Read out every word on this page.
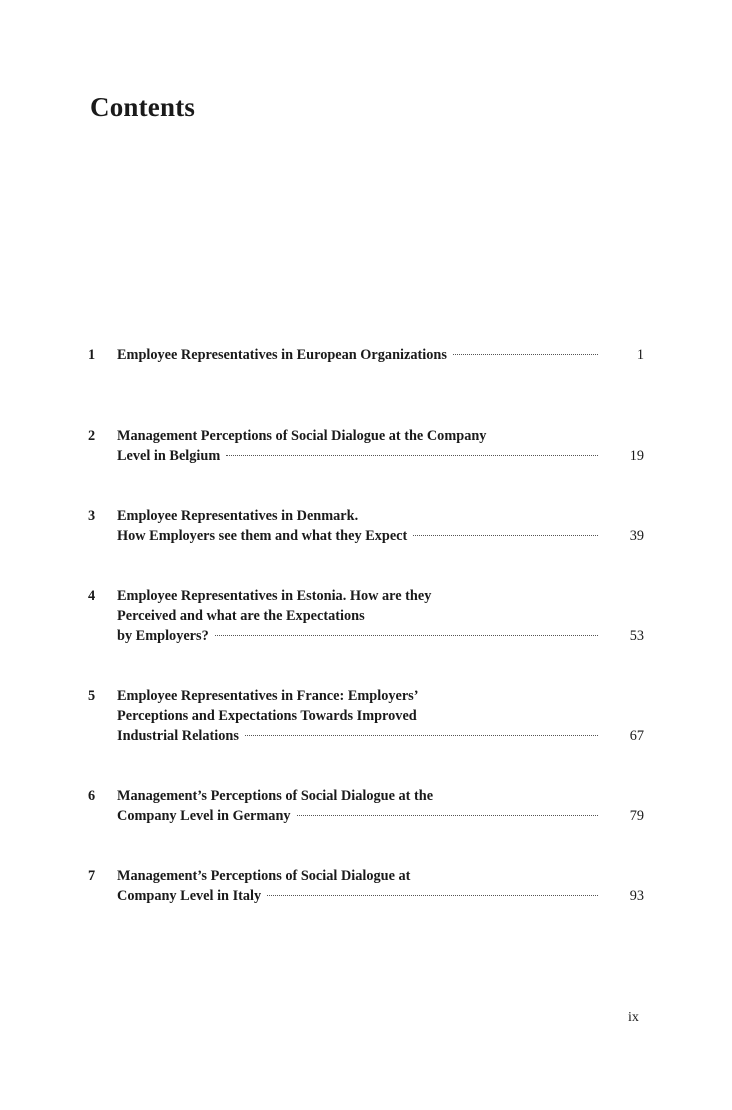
Contents
1	Employee Representatives in European Organizations	1
2	Management Perceptions of Social Dialogue at the Company
Level in Belgium	19
3	Employee Representatives in Denmark.
How Employers see them and what they Expect	39
4	Employee Representatives in Estonia. How are they
Perceived and what are the Expectations
by Employers?	53
5	Employee Representatives in France: Employers’
Perceptions and Expectations Towards Improved
Industrial Relations	67
6	Management’s Perceptions of Social Dialogue at the
Company Level in Germany	79
7	Management’s Perceptions of Social Dialogue at
Company Level in Italy	93
ix
